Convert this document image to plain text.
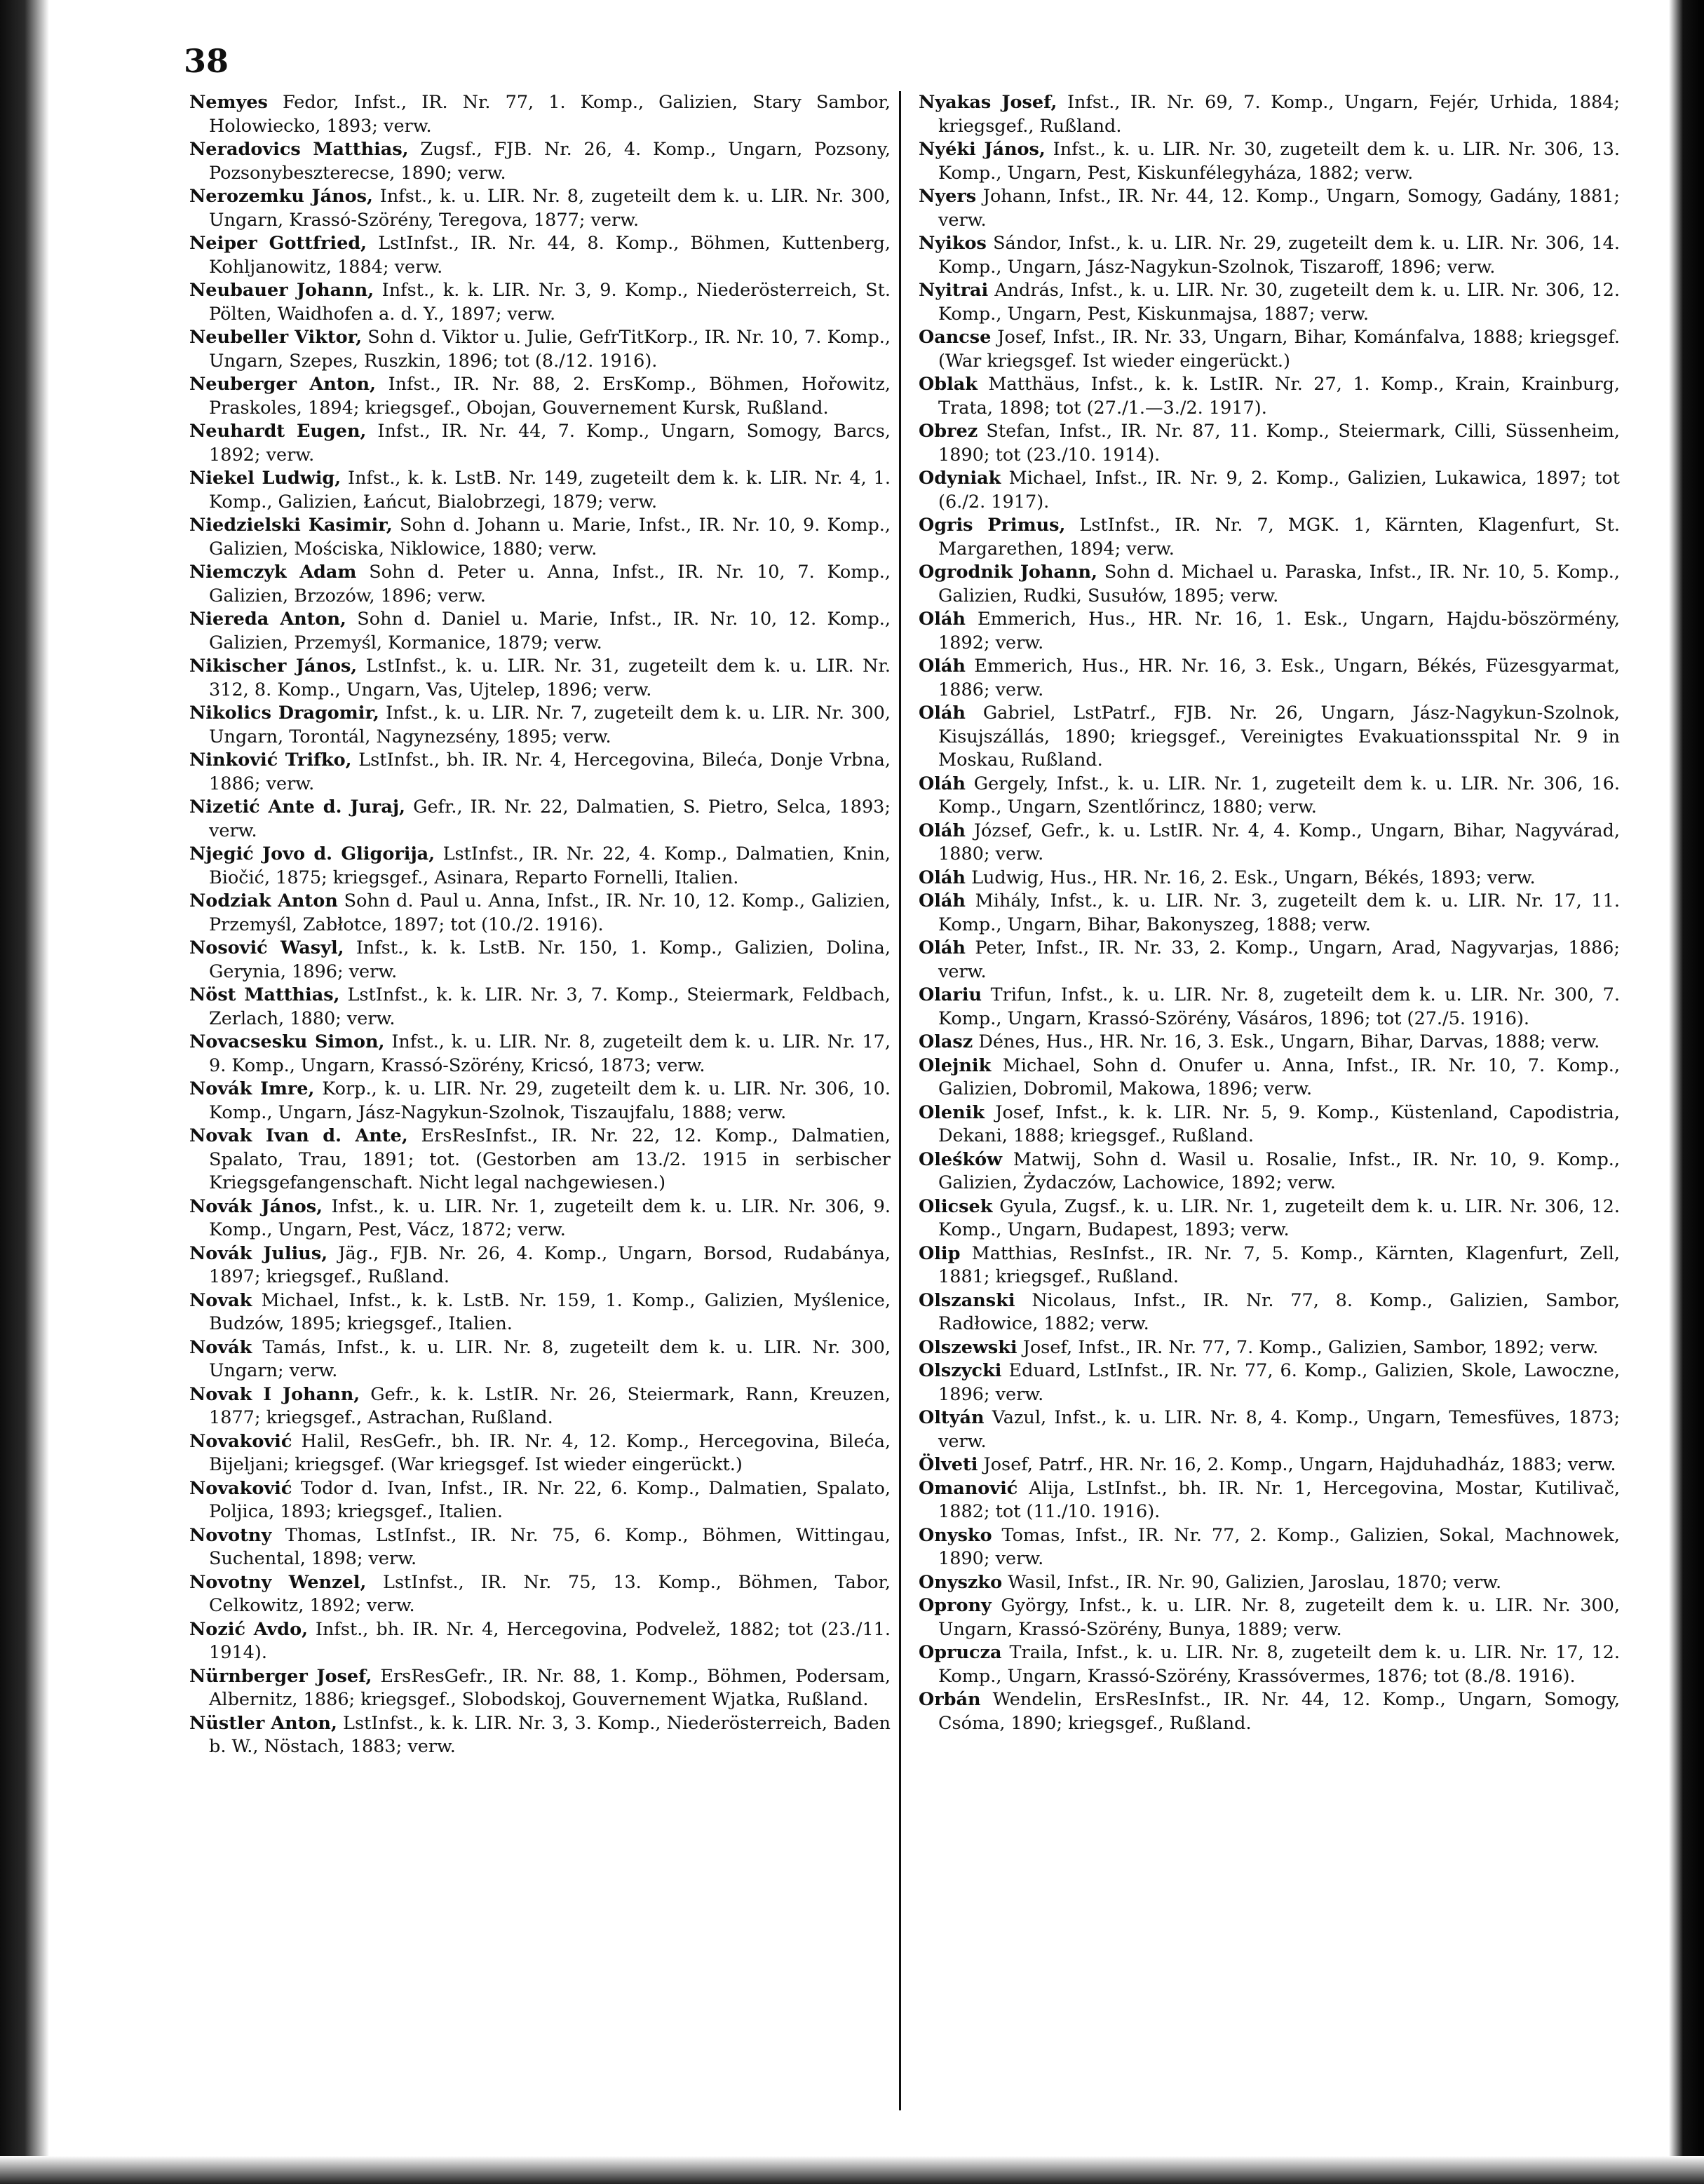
38

Nemyes Fedor, Infst., IR. Nr. 77, 1. Komp., Galizien, Stary Sambor, Holowiecko, 1893; verw.

Neradovics Matthias, Zugsf., FJB. Nr. 26, 4. Komp., Ungarn, Pozsony, Pozsonybeszterecse, 1890; verw.

Nerozemku János, Infst., k. u. LIR. Nr. 8, zugeteilt dem k. u. LIR. Nr. 300, Ungarn, Krassó-Szörény, Teregova, 1877; verw.

Neiper Gottfried, LstInfst., IR. Nr. 44, 8. Komp., Böhmen, Kuttenberg, Kohljanowitz, 1884; verw.

Neubauer Johann, Infst., k. k. LIR. Nr. 3, 9. Komp., Niederösterreich, St. Pölten, Waidhofen a. d. Y., 1897; verw.

Neubeller Viktor, Sohn d. Viktor u. Julie, GefrTitKorp., IR. Nr. 10, 7. Komp., Ungarn, Szepes, Ruszkin, 1896; tot (8./12. 1916).

Neuberger Anton, Infst., IR. Nr. 88, 2. ErsKomp., Böhmen, Hořowitz, Praskoles, 1894; kriegsgef., Obojan, Gouvernement Kursk, Rußland.

Neuhardt Eugen, Infst., IR. Nr. 44, 7. Komp., Ungarn, Somogy, Barcs, 1892; verw.

Niekel Ludwig, Infst., k. k. LstB. Nr. 149, zugeteilt dem k. k. LIR. Nr. 4, 1. Komp., Galizien, Łańcut, Bialobrzegi, 1879; verw.

Niedzielski Kasimir, Sohn d. Johann u. Marie, Infst., IR. Nr. 10, 9. Komp., Galizien, Mościska, Niklowice, 1880; verw.

Niemczyk Adam Sohn d. Peter u. Anna, Infst., IR. Nr. 10, 7. Komp., Galizien, Brzozów, 1896; verw.

Niereda Anton, Sohn d. Daniel u. Marie, Infst., IR. Nr. 10, 12. Komp., Galizien, Przemyśl, Kormanice, 1879; verw.

Nikischer János, LstInfst., k. u. LIR. Nr. 31, zugeteilt dem k. u. LIR. Nr. 312, 8. Komp., Ungarn, Vas, Ujtelep, 1896; verw.

Nikolics Dragomir, Infst., k. u. LIR. Nr. 7, zugeteilt dem k. u. LIR. Nr. 300, Ungarn, Torontál, Nagynezsény, 1895; verw.

Ninković Trifko, LstInfst., bh. IR. Nr. 4, Hercegovina, Bileća, Donje Vrbna, 1886; verw.

Nizetić Ante d. Juraj, Gefr., IR. Nr. 22, Dalmatien, S. Pietro, Selca, 1893; verw.

Njegić Jovo d. Gligorija, LstInfst., IR. Nr. 22, 4. Komp., Dalmatien, Knin, Biočić, 1875; kriegsgef., Asinara, Reparto Fornelli, Italien.

Nodziak Anton Sohn d. Paul u. Anna, Infst., IR. Nr. 10, 12. Komp., Galizien, Przemyśl, Zabłotce, 1897; tot (10./2. 1916).

Nosović Wasyl, Infst., k. k. LstB. Nr. 150, 1. Komp., Galizien, Dolina, Gerynia, 1896; verw.

Nöst Matthias, LstInfst., k. k. LIR. Nr. 3, 7. Komp., Steiermark, Feldbach, Zerlach, 1880; verw.

Novacsesku Simon, Infst., k. u. LIR. Nr. 8, zugeteilt dem k. u. LIR. Nr. 17, 9. Komp., Ungarn, Krassó-Szörény, Kricsó, 1873; verw.

Novák Imre, Korp., k. u. LIR. Nr. 29, zugeteilt dem k. u. LIR. Nr. 306, 10. Komp., Ungarn, Jász-Nagykun-Szolnok, Tiszaujfalu, 1888; verw.

Novak Ivan d. Ante, ErsResInfst., IR. Nr. 22, 12. Komp., Dalmatien, Spalato, Trau, 1891; tot. (Gestorben am 13./2. 1915 in serbischer Kriegsgefangenschaft. Nicht legal nachgewiesen.)

Novák János, Infst., k. u. LIR. Nr. 1, zugeteilt dem k. u. LIR. Nr. 306, 9. Komp., Ungarn, Pest, Vácz, 1872; verw.

Novák Julius, Jäg., FJB. Nr. 26, 4. Komp., Ungarn, Borsod, Rudabánya, 1897; kriegsgef., Rußland.

Novak Michael, Infst., k. k. LstB. Nr. 159, 1. Komp., Galizien, Myślenice, Budzów, 1895; kriegsgef., Italien.

Novák Tamás, Infst., k. u. LIR. Nr. 8, zugeteilt dem k. u. LIR. Nr. 300, Ungarn; verw.

Novak I Johann, Gefr., k. k. LstIR. Nr. 26, Steiermark, Rann, Kreuzen, 1877; kriegsgef., Astrachan, Rußland.

Novaković Halil, ResGefr., bh. IR. Nr. 4, 12. Komp., Hercegovina, Bileća, Bijeljani; kriegsgef. (War kriegsgef. Ist wieder eingerückt.)

Novaković Todor d. Ivan, Infst., IR. Nr. 22, 6. Komp., Dalmatien, Spalato, Poljica, 1893; kriegsgef., Italien.

Novotny Thomas, LstInfst., IR. Nr. 75, 6. Komp., Böhmen, Wittingau, Suchental, 1898; verw.

Novotny Wenzel, LstInfst., IR. Nr. 75, 13. Komp., Böhmen, Tabor, Celkowitz, 1892; verw.

Nozić Avdo, Infst., bh. IR. Nr. 4, Hercegovina, Podvelež, 1882; tot (23./11. 1914).

Nürnberger Josef, ErsResGefr., IR. Nr. 88, 1. Komp., Böhmen, Podersam, Albernitz, 1886; kriegsgef., Slobodskoj, Gouvernement Wjatka, Rußland.

Nüstler Anton, LstInfst., k. k. LIR. Nr. 3, 3. Komp., Niederösterreich, Baden b. W., Nöstach, 1883; verw.

Nyakas Josef, Infst., IR. Nr. 69, 7. Komp., Ungarn, Fejér, Urhida, 1884; kriegsgef., Rußland.

Nyéki János, Infst., k. u. LIR. Nr. 30, zugeteilt dem k. u. LIR. Nr. 306, 13. Komp., Ungarn, Pest, Kiskunfélegyháza, 1882; verw.

Nyers Johann, Infst., IR. Nr. 44, 12. Komp., Ungarn, Somogy, Gadány, 1881; verw.

Nyikos Sándor, Infst., k. u. LIR. Nr. 29, zugeteilt dem k. u. LIR. Nr. 306, 14. Komp., Ungarn, Jász-Nagykun-Szolnok, Tiszaroff, 1896; verw.

Nyitrai András, Infst., k. u. LIR. Nr. 30, zugeteilt dem k. u. LIR. Nr. 306, 12. Komp., Ungarn, Pest, Kiskunmajsa, 1887; verw.

Oancse Josef, Infst., IR. Nr. 33, Ungarn, Bihar, Kománfalva, 1888; kriegsgef. (War kriegsgef. Ist wieder eingerückt.)

Oblak Matthäus, Infst., k. k. LstIR. Nr. 27, 1. Komp., Krain, Krainburg, Trata, 1898; tot (27./1.—3./2. 1917).

Obrez Stefan, Infst., IR. Nr. 87, 11. Komp., Steiermark, Cilli, Süssenheim, 1890; tot (23./10. 1914).

Odyniak Michael, Infst., IR. Nr. 9, 2. Komp., Galizien, Lukawica, 1897; tot (6./2. 1917).

Ogris Primus, LstInfst., IR. Nr. 7, MGK. 1, Kärnten, Klagenfurt, St. Margarethen, 1894; verw.

Ogrodnik Johann, Sohn d. Michael u. Paraska, Infst., IR. Nr. 10, 5. Komp., Galizien, Rudki, Susułów, 1895; verw.

Oláh Emmerich, Hus., HR. Nr. 16, 1. Esk., Ungarn, Hajdu-böszörmény, 1892; verw.

Oláh Emmerich, Hus., HR. Nr. 16, 3. Esk., Ungarn, Békés, Füzesgyarmat, 1886; verw.

Oláh Gabriel, LstPatrf., FJB. Nr. 26, Ungarn, Jász-Nagykun-Szolnok, Kisujszállás, 1890; kriegsgef., Vereinigtes Evakuationsspital Nr. 9 in Moskau, Rußland.

Oláh Gergely, Infst., k. u. LIR. Nr. 1, zugeteilt dem k. u. LIR. Nr. 306, 16. Komp., Ungarn, Szentlőrincz, 1880; verw.

Oláh József, Gefr., k. u. LstIR. Nr. 4, 4. Komp., Ungarn, Bihar, Nagyvárad, 1880; verw.

Oláh Ludwig, Hus., HR. Nr. 16, 2. Esk., Ungarn, Békés, 1893; verw.

Oláh Mihály, Infst., k. u. LIR. Nr. 3, zugeteilt dem k. u. LIR. Nr. 17, 11. Komp., Ungarn, Bihar, Bakonyszeg, 1888; verw.

Oláh Peter, Infst., IR. Nr. 33, 2. Komp., Ungarn, Arad, Nagyvarjas, 1886; verw.

Olariu Trifun, Infst., k. u. LIR. Nr. 8, zugeteilt dem k. u. LIR. Nr. 300, 7. Komp., Ungarn, Krassó-Szörény, Vásáros, 1896; tot (27./5. 1916).

Olasz Dénes, Hus., HR. Nr. 16, 3. Esk., Ungarn, Bihar, Darvas, 1888; verw.

Olejnik Michael, Sohn d. Onufer u. Anna, Infst., IR. Nr. 10, 7. Komp., Galizien, Dobromil, Makowa, 1896; verw.

Olenik Josef, Infst., k. k. LIR. Nr. 5, 9. Komp., Küstenland, Capodistria, Dekani, 1888; kriegsgef., Rußland.

Oleśków Matwij, Sohn d. Wasil u. Rosalie, Infst., IR. Nr. 10, 9. Komp., Galizien, Żydaczów, Lachowice, 1892; verw.

Olicsek Gyula, Zugsf., k. u. LIR. Nr. 1, zugeteilt dem k. u. LIR. Nr. 306, 12. Komp., Ungarn, Budapest, 1893; verw.

Olip Matthias, ResInfst., IR. Nr. 7, 5. Komp., Kärnten, Klagenfurt, Zell, 1881; kriegsgef., Rußland.

Olszanski Nicolaus, Infst., IR. Nr. 77, 8. Komp., Galizien, Sambor, Radłowice, 1882; verw.

Olszewski Josef, Infst., IR. Nr. 77, 7. Komp., Galizien, Sambor, 1892; verw.

Olszycki Eduard, LstInfst., IR. Nr. 77, 6. Komp., Galizien, Skole, Lawoczne, 1896; verw.

Oltyán Vazul, Infst., k. u. LIR. Nr. 8, 4. Komp., Ungarn, Temesfüves, 1873; verw.

Ölveti Josef, Patrf., HR. Nr. 16, 2. Komp., Ungarn, Hajduhadház, 1883; verw.

Omanović Alija, LstInfst., bh. IR. Nr. 1, Hercegovina, Mostar, Kutilivač, 1882; tot (11./10. 1916).

Onysko Tomas, Infst., IR. Nr. 77, 2. Komp., Galizien, Sokal, Machnowek, 1890; verw.

Onyszko Wasil, Infst., IR. Nr. 90, Galizien, Jaroslau, 1870; verw.

Oprony György, Infst., k. u. LIR. Nr. 8, zugeteilt dem k. u. LIR. Nr. 300, Ungarn, Krassó-Szörény, Bunya, 1889; verw.

Oprucza Traila, Infst., k. u. LIR. Nr. 8, zugeteilt dem k. u. LIR. Nr. 17, 12. Komp., Ungarn, Krassó-Szörény, Krassóvermes, 1876; tot (8./8. 1916).

Orbán Wendelin, ErsResInfst., IR. Nr. 44, 12. Komp., Ungarn, Somogy, Csóma, 1890; kriegsgef., Rußland.
